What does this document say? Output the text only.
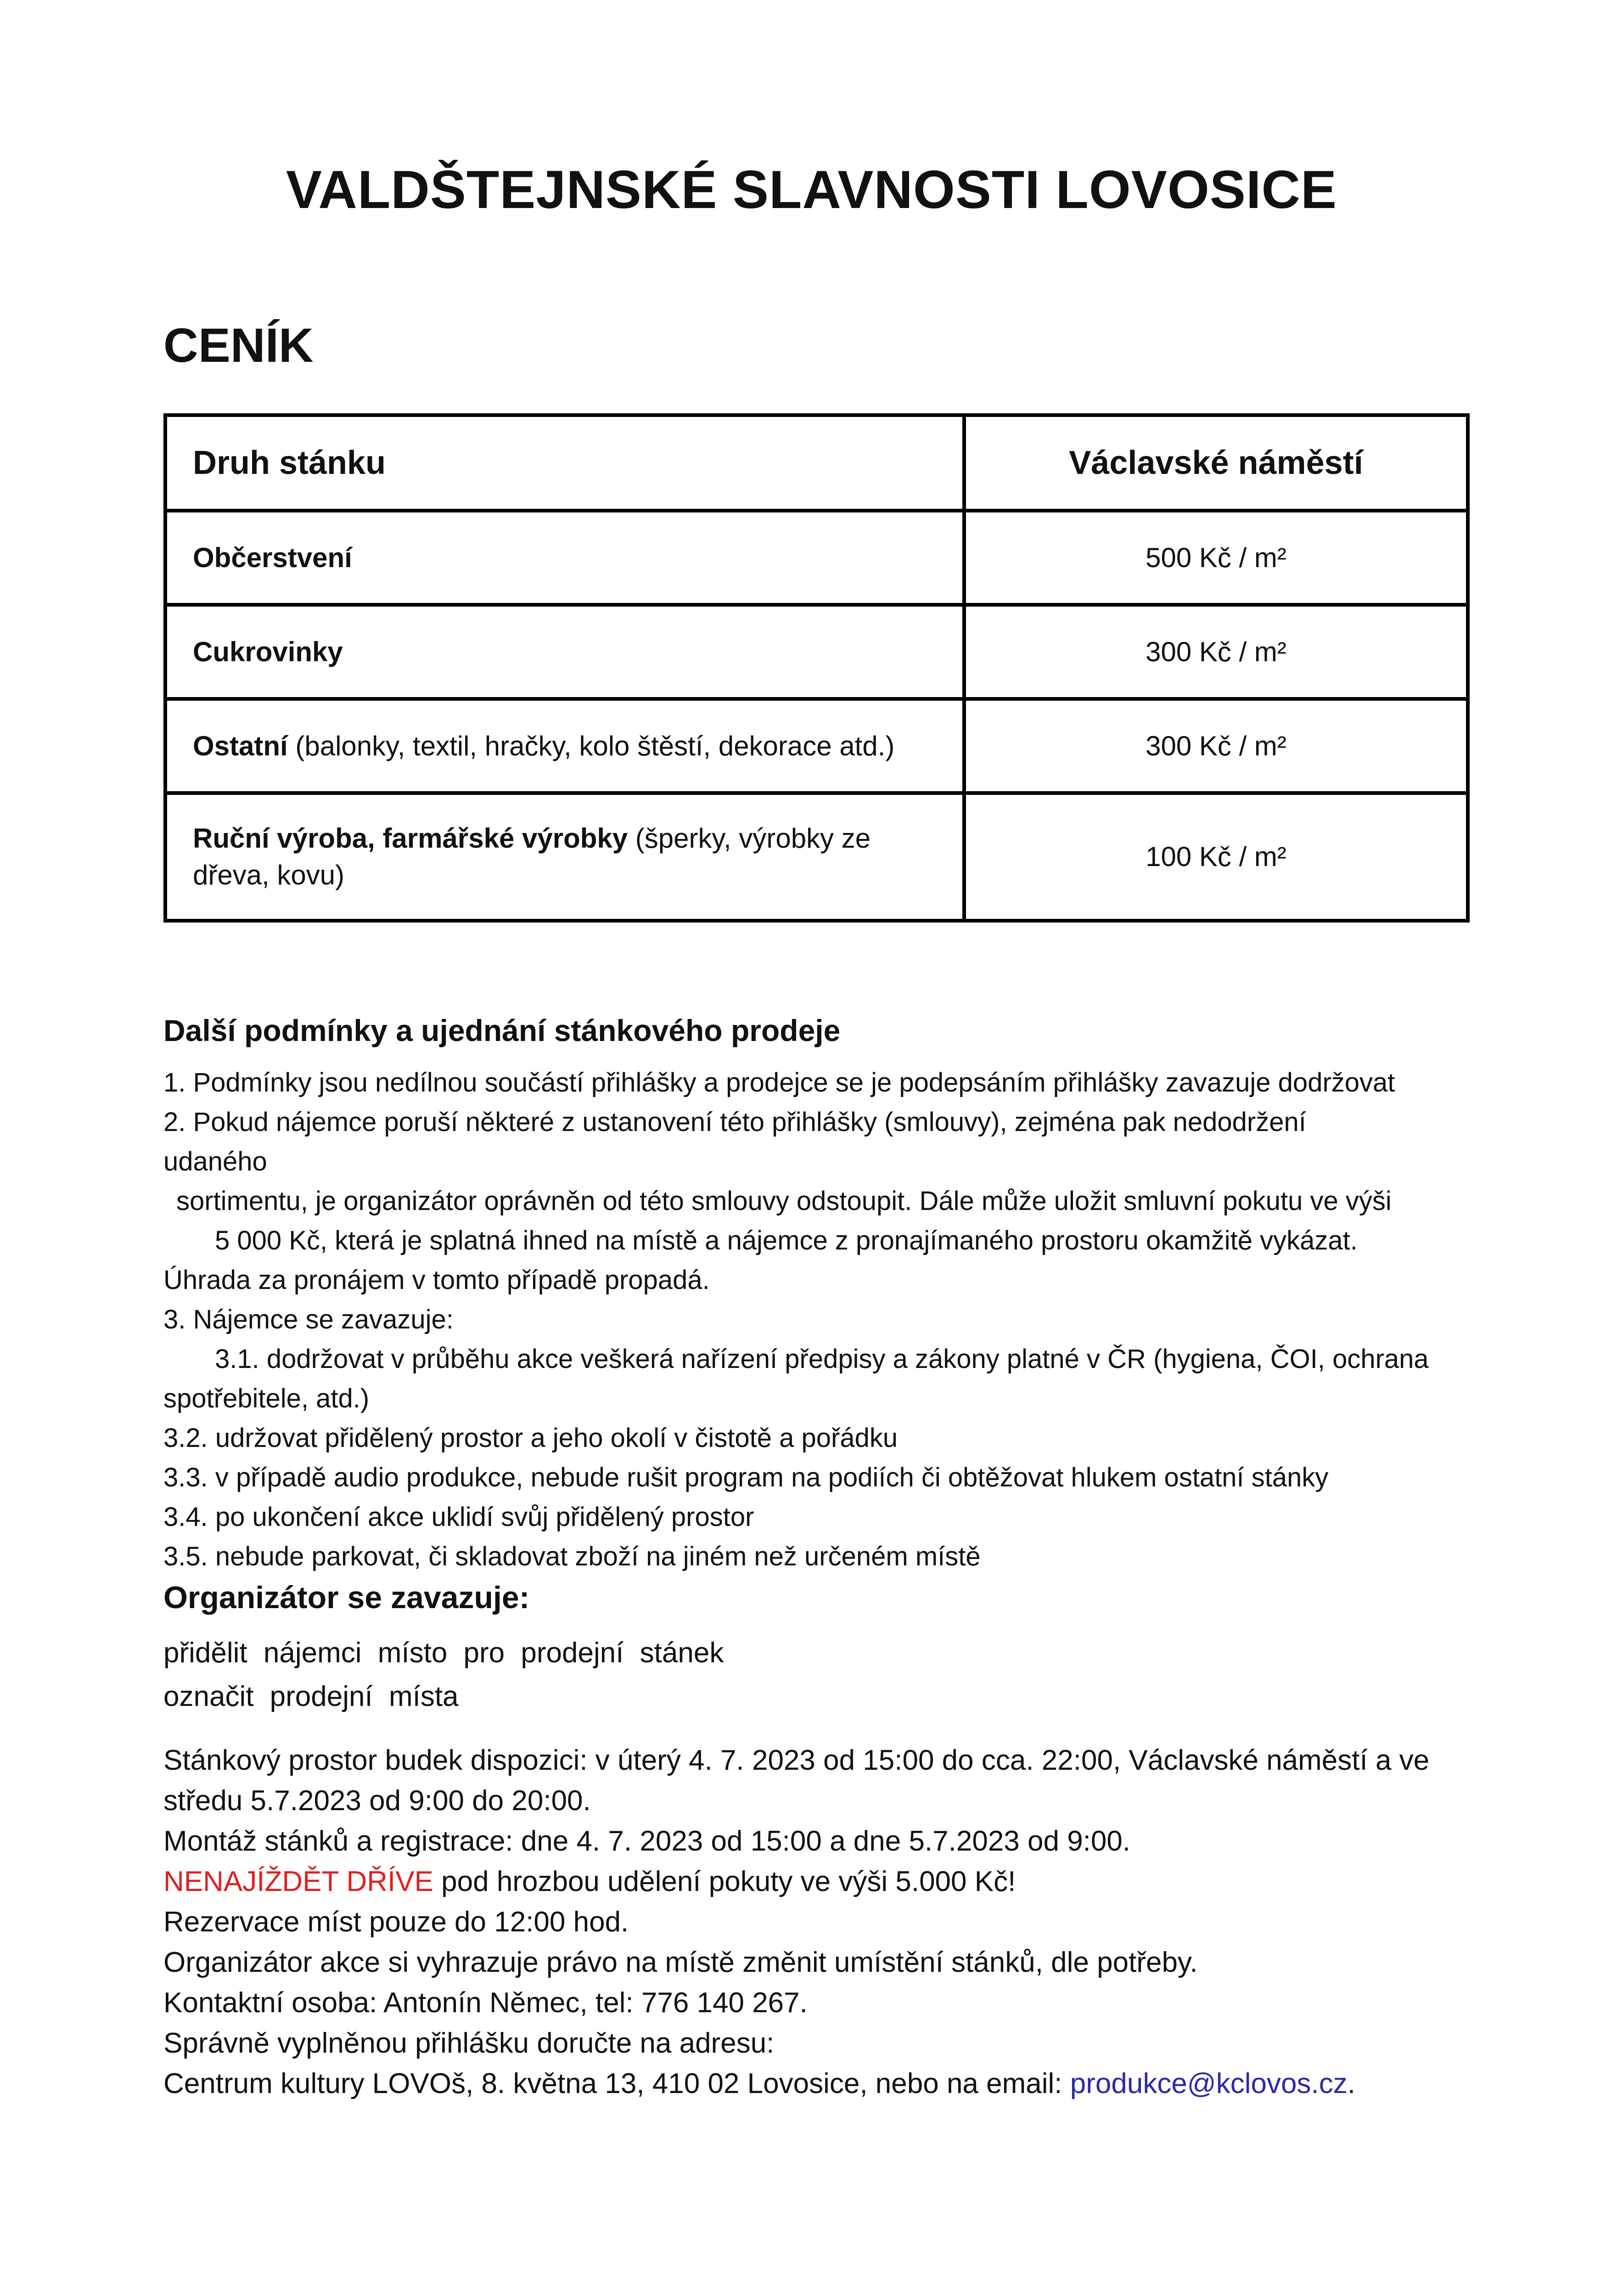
VALDŠTEJNSKÉ SLAVNOSTI LOVOSICE
CENÍK
Druh stánku	Václavské náměstí
Občerstvení	500 Kč / m²
Cukrovinky	300 Kč / m²
Ostatní (balonky, textil, hračky, kolo štěstí, dekorace atd.)	300 Kč / m²
Ruční výroba, farmářské výrobky (šperky, výrobky ze dřeva, kovu)	100 Kč / m²
Další podmínky a ujednání stánkového prodeje
1. Podmínky jsou nedílnou součástí přihlášky a prodejce se je podepsáním přihlášky zavazuje dodržovat
2. Pokud nájemce poruší některé z ustanovení této přihlášky (smlouvy), zejména pak nedodržení
udaného
sortimentu, je organizátor oprávněn od této smlouvy odstoupit. Dále může uložit smluvní pokutu ve výši
5 000 Kč, která je splatná ihned na místě a nájemce z pronajímaného prostoru okamžitě vykázat.
Úhrada za pronájem v tomto případě propadá.
3. Nájemce se zavazuje:
3.1. dodržovat v průběhu akce veškerá nařízení předpisy a zákony platné v ČR (hygiena, ČOI, ochrana
spotřebitele, atd.)
3.2. udržovat přidělený prostor a jeho okolí v čistotě a pořádku
3.3. v případě audio produkce, nebude rušit program na podiích či obtěžovat hlukem ostatní stánky
3.4. po ukončení akce uklidí svůj přidělený prostor
3.5. nebude parkovat, či skladovat zboží na jiném než určeném místě
Organizátor se zavazuje:
přidělit nájemci místo pro prodejní stánek
označit prodejní místa
Stánkový prostor budek dispozici: v úterý 4. 7. 2023 od 15:00 do cca. 22:00, Václavské náměstí a ve
středu 5.7.2023 od 9:00 do 20:00.
Montáž stánků a registrace: dne 4. 7. 2023 od 15:00 a dne 5.7.2023 od 9:00.
NENAJÍŽDĚT DŘÍVE pod hrozbou udělení pokuty ve výši 5.000 Kč!
Rezervace míst pouze do 12:00 hod.
Organizátor akce si vyhrazuje právo na místě změnit umístění stánků, dle potřeby.
Kontaktní osoba: Antonín Němec, tel: 776 140 267.
Správně vyplněnou přihlášku doručte na adresu:
Centrum kultury LOVOš, 8. května 13, 410 02 Lovosice, nebo na email: produkce@kclovos.cz.
